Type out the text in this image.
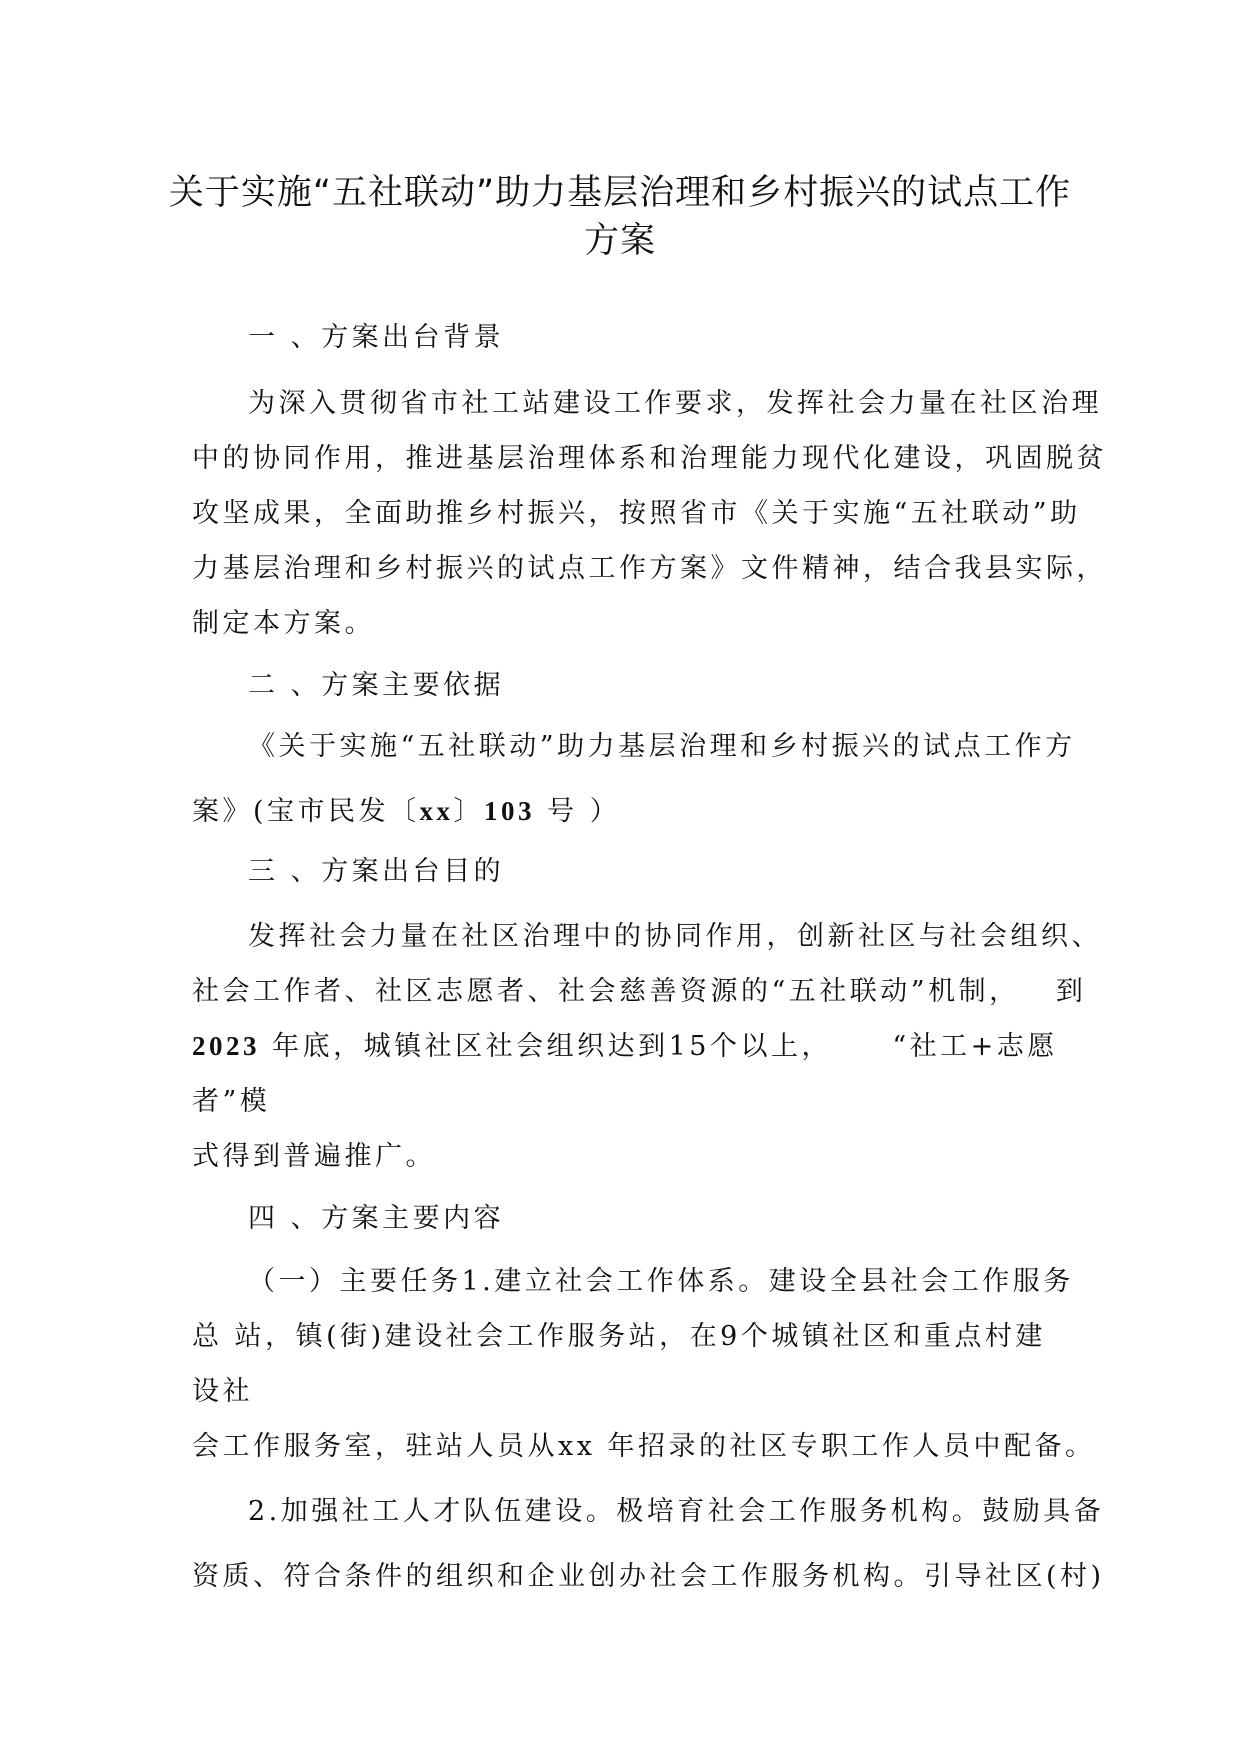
关于实施“五社联动”助力基层治理和乡村振兴的试点工作
方案

一 、方案出台背景

为深入贯彻省市社工站建设工作要求，发挥社会力量在社区治理

中的协同作用，推进基层治理体系和治理能力现代化建设，巩固脱贫

攻坚成果，全面助推乡村振兴，按照省市《关于实施“五社联动”助

力基层治理和乡村振兴的试点工作方案》文件精神，结合我县实际，

制定本方案。

二 、方案主要依据

《关于实施“五社联动”助力基层治理和乡村振兴的试点工作方

案》(宝市民发〔xx〕103 号 ）

三 、方案出台目的

发挥社会力量在社区治理中的协同作用，创新社区与社会组织、

社会工作者、社区志愿者、社会慈善资源的“五社联动”机制，   到

2023 年底，城镇社区社会组织达到15个以上，     “社工+志愿

者”模

式得到普遍推广。

四 、方案主要内容

（一）主要任务1.建立社会工作体系。建设全县社会工作服务

总 站，镇(街)建设社会工作服务站，在9个城镇社区和重点村建

设社

会工作服务室，驻站人员从xx 年招录的社区专职工作人员中配备。

2.加强社工人才队伍建设。极培育社会工作服务机构。鼓励具备

资质、符合条件的组织和企业创办社会工作服务机构。引导社区(村)
